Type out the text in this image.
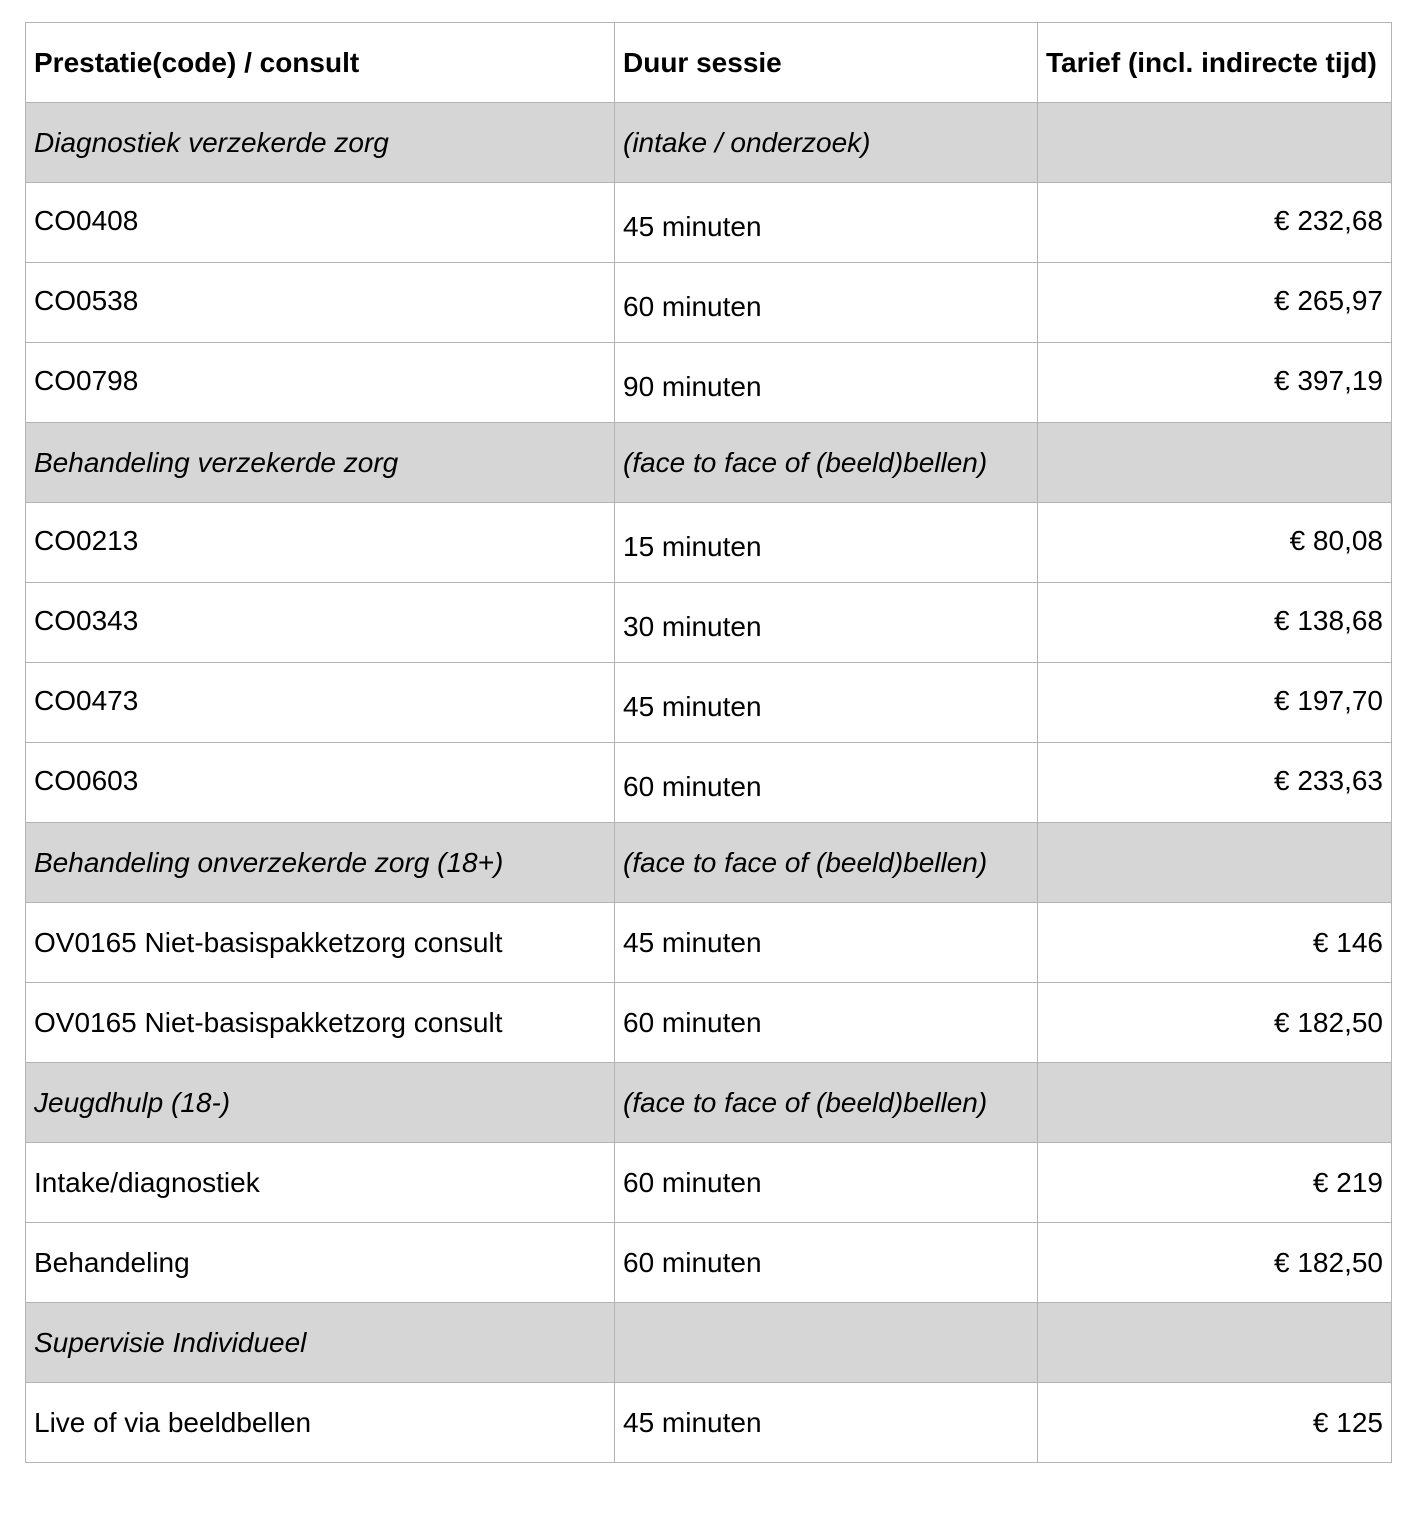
Prestatie(code) / consult	Duur sessie	Tarief (incl. indirecte tijd)
Diagnostiek verzekerde zorg	(intake / onderzoek)	
CO0408	45 minuten	€ 232,68
CO0538	60 minuten	€ 265,97
CO0798	90 minuten	€ 397,19
Behandeling verzekerde zorg	(face to face of (beeld)bellen)	
CO0213	15 minuten	€ 80,08
CO0343	30 minuten	€ 138,68
CO0473	45 minuten	€ 197,70
CO0603	60 minuten	€ 233,63
Behandeling onverzekerde zorg (18+)	(face to face of (beeld)bellen)	
OV0165 Niet-basispakketzorg consult	45 minuten	€ 146
OV0165 Niet-basispakketzorg consult	60 minuten	€ 182,50
Jeugdhulp (18-)	(face to face of (beeld)bellen)	
Intake/diagnostiek	60 minuten	€ 219
Behandeling	60 minuten	€ 182,50
Supervisie Individueel		
Live of via beeldbellen	45 minuten	€ 125
